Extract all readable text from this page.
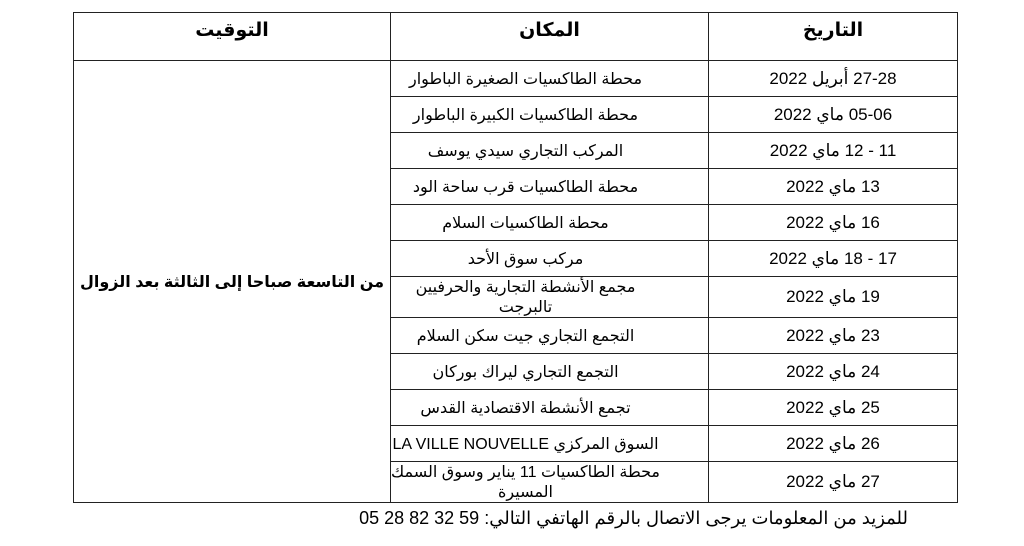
التوقيت	المكان	التاريخ
من التاسعة صباحا إلى الثالثة بعد الزوال	محطة الطاكسيات الصغيرة الباطوار	27-28 أبريل 2022
	محطة الطاكسيات الكبيرة الباطوار	05-06 ماي 2022
	المركب التجاري سيدي يوسف	11 - 12 ماي 2022
	محطة الطاكسيات قرب ساحة الود	13 ماي 2022
	محطة الطاكسيات السلام	16 ماي 2022
	مركب سوق الأحد	17 - 18 ماي 2022
	مجمع الأنشطة التجارية والحرفيين تالبرجت	19 ماي 2022
	التجمع التجاري جيت سكن السلام	23 ماي 2022
	التجمع التجاري ليراك بوركان	24 ماي 2022
	تجمع الأنشطة الاقتصادية القدس	25 ماي 2022
	السوق المركزي LA VILLE NOUVELLE	26 ماي 2022
	محطة الطاكسيات 11 يناير وسوق السمك المسيرة	27 ماي 2022
للمزيد من المعلومات يرجى الاتصال بالرقم الهاتفي التالي: 05 28 82 32 59
